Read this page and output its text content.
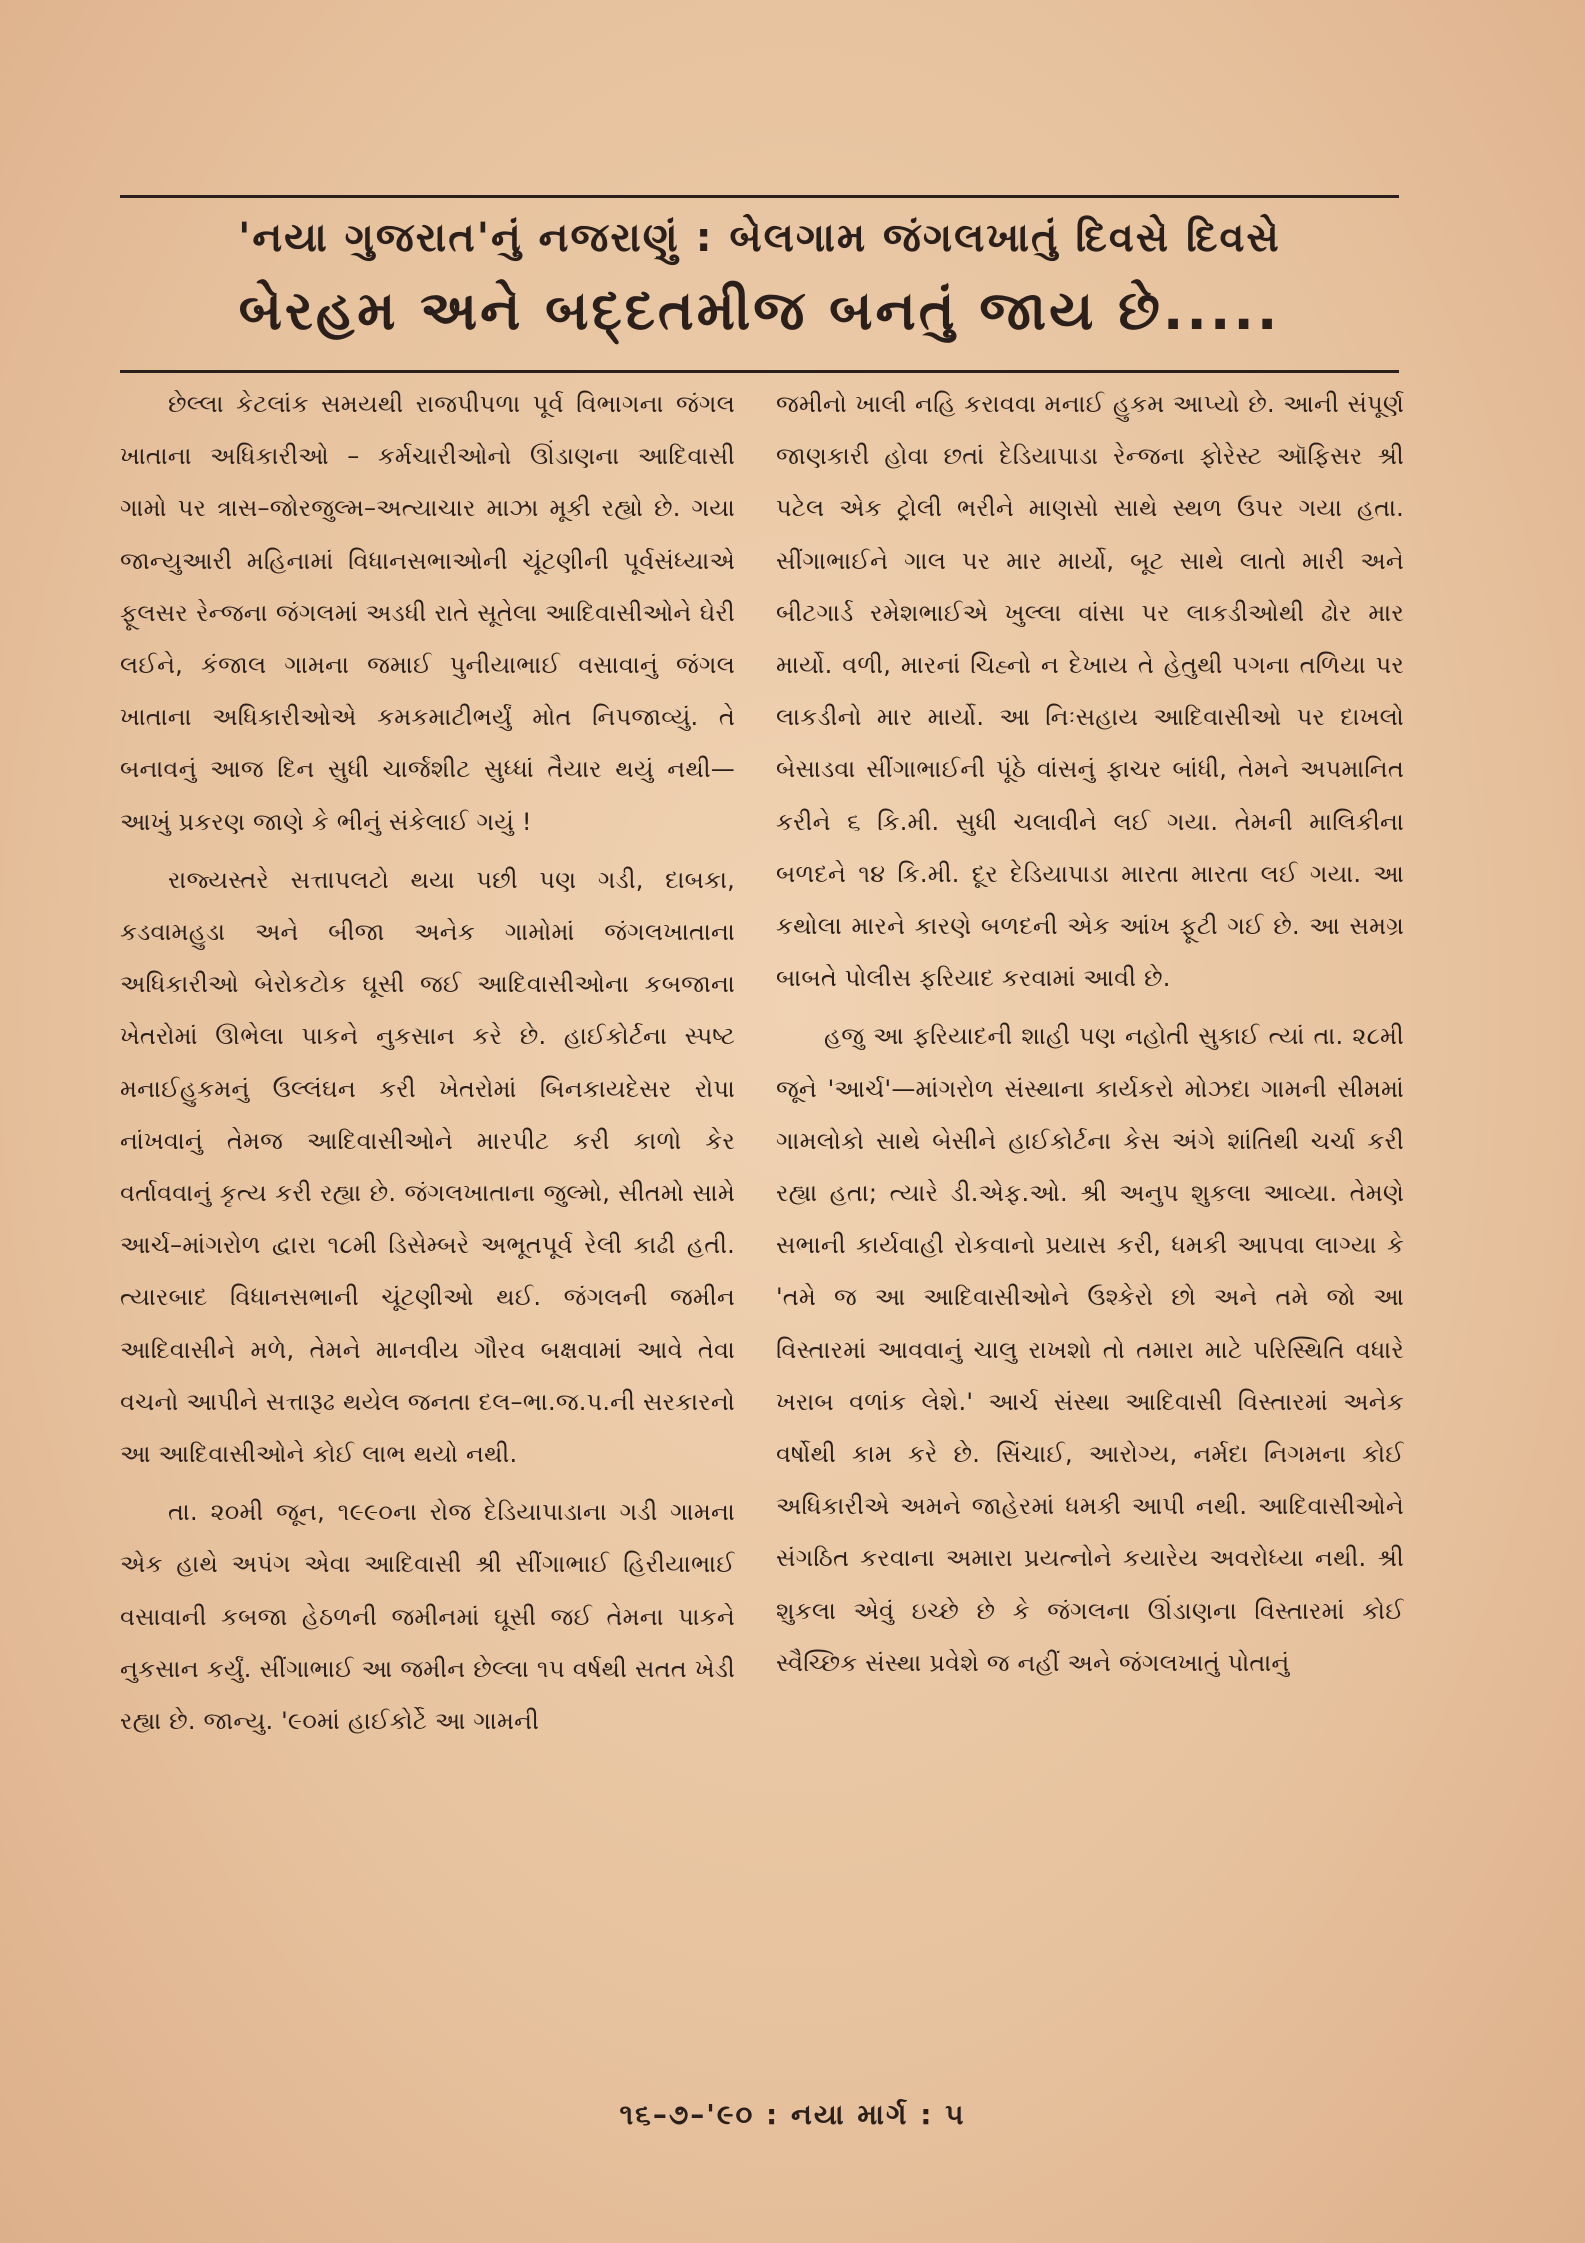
'નયા ગુજરાત'નું નજરાણું : બેલગામ જંગલખાતું દિવસે દિવસે
બેરહમ અને બદ્દતમીજ બનતું જાય છે.....

છેલ્લા કેટલાંક સમયથી રાજપીપળા પૂર્વ વિભાગના જંગલ ખાતાના અધિકારીઓ – કર્મચારીઓનો ઊંડાણના આદિવાસી ગામો પર ત્રાસ–જોરજુલ્મ–અત્યાચાર માઝા મૂકી રહ્યો છે. ગયા જાન્યુઆરી મહિનામાં વિધાનસભાઓની ચૂંટણીની પૂર્વસંધ્યાએ ફૂલસર રેન્જના જંગલમાં અડધી રાતે સૂતેલા આદિવાસીઓને ઘેરી લઈને, કંજાલ ગામના જમાઈ પુનીયાભાઈ વસાવાનું જંગલ ખાતાના અધિકારીઓએ કમકમાટીભર્યું મોત નિપજાવ્યું. તે બનાવનું આજ દિન સુધી ચાર્જશીટ સુધ્ધાં તૈયાર થયું નથી— આખું પ્રકરણ જાણે કે ભીનું સંકેલાઈ ગયું !

રાજ્યસ્તરે સત્તાપલટો થયા પછી પણ ગડી, દાબકા, કડવામહુડા અને બીજા અનેક ગામોમાં જંગલખાતાના અધિકારીઓ બેરોકટોક ઘૂસી જઈ આદિવાસીઓના કબજાના ખેતરોમાં ઊભેલા પાકને નુકસાન કરે છે. હાઈકોર્ટના સ્પષ્ટ મનાઈહુકમનું ઉલ્લંઘન કરી ખેતરોમાં બિનકાયદેસર રોપા નાંખવાનું તેમજ આદિવાસીઓને મારપીટ કરી કાળો કેર વર્તાવવાનું કૃત્ય કરી રહ્યા છે. જંગલખાતાના જુલ્મો, સીતમો સામે આર્ચ–માંગરોળ દ્વારા ૧૮મી ડિસેમ્બરે અભૂતપૂર્વ રેલી કાઢી હતી. ત્યારબાદ વિધાનસભાની ચૂંટણીઓ થઈ. જંગલની જમીન આદિવાસીને મળે, તેમને માનવીય ગૌરવ બક્ષવામાં આવે તેવા વચનો આપીને સત્તારૂઢ થયેલ જનતા દલ–ભા.જ.પ.ની સરકારનો આ આદિવાસીઓને કોઈ લાભ થયો નથી.

તા. ૨૦મી જૂન, ૧૯૯૦ના રોજ દેડિયાપાડાના ગડી ગામના એક હાથે અપંગ એવા આદિવાસી શ્રી સીંગાભાઈ હિરીયાભાઈ વસાવાની કબજા હેઠળની જમીનમાં ઘૂસી જઈ તેમના પાકને નુકસાન કર્યું. સીંગાભાઈ આ જમીન છેલ્લા ૧૫ વર્ષથી સતત ખેડી રહ્યા છે. જાન્યુ. '૯૦માં હાઈકોર્ટે આ ગામની

જમીનો ખાલી નહિ કરાવવા મનાઈ હુકમ આપ્યો છે. આની સંપૂર્ણ જાણકારી હોવા છતાં દેડિયાપાડા રેન્જના ફોરેસ્ટ ઑફિસર શ્રી પટેલ એક ટ્રોલી ભરીને માણસો સાથે સ્થળ ઉપર ગયા હતા. સીંગાભાઈને ગાલ પર માર માર્યો, બૂટ સાથે લાતો મારી અને બીટગાર્ડ રમેશભાઈએ ખુલ્લા વાંસા પર લાકડીઓથી ઢોર માર માર્યો. વળી, મારનાં ચિહ્નો ન દેખાય તે હેતુથી પગના તળિયા પર લાકડીનો માર માર્યો. આ નિઃસહાય આદિવાસીઓ પર દાખલો બેસાડવા સીંગાભાઈની પૂંઠે વાંસનું ફાચર બાંધી, તેમને અપમાનિત કરીને ૬ કિ.મી. સુધી ચલાવીને લઈ ગયા. તેમની માલિકીના બળદને ૧૪ કિ.મી. દૂર દેડિયાપાડા મારતા મારતા લઈ ગયા. આ કથોલા મારને કારણે બળદની એક આંખ ફૂટી ગઈ છે. આ સમગ્ર બાબતે પોલીસ ફરિયાદ કરવામાં આવી છે.

હજુ આ ફરિયાદની શાહી પણ નહોતી સુકાઈ ત્યાં તા. ૨૮મી જૂને 'આર્ચ'—માંગરોળ સંસ્થાના કાર્યકરો મોઝદા ગામની સીમમાં ગામલોકો સાથે બેસીને હાઈકોર્ટના કેસ અંગે શાંતિથી ચર્ચા કરી રહ્યા હતા; ત્યારે ડી.એફ.ઓ. શ્રી અનુપ શુકલા આવ્યા. તેમણે સભાની કાર્યવાહી રોકવાનો પ્રયાસ કરી, ધમકી આપવા લાગ્યા કે 'તમે જ આ આદિવાસીઓને ઉશ્કેરો છો અને તમે જો આ વિસ્તારમાં આવવાનું ચાલુ રાખશો તો તમારા માટે પરિસ્થિતિ વધારે ખરાબ વળાંક લેશે.' આર્ચ સંસ્થા આદિવાસી વિસ્તારમાં અનેક વર્ષોથી કામ કરે છે. સિંચાઈ, આરોગ્ય, નર્મદા નિગમના કોઈ અધિકારીએ અમને જાહેરમાં ધમકી આપી નથી. આદિવાસીઓને સંગઠિત કરવાના અમારા પ્રયત્નોને કયારેય અવરોધ્યા નથી. શ્રી શુકલા એવું ઇચ્છે છે કે જંગલના ઊંડાણના વિસ્તારમાં કોઈ સ્વૈચ્છિક સંસ્થા પ્રવેશે જ નહીં અને જંગલખાતું પોતાનું

૧૬–૭–'૯૦ : નયા માર્ગ : ૫
